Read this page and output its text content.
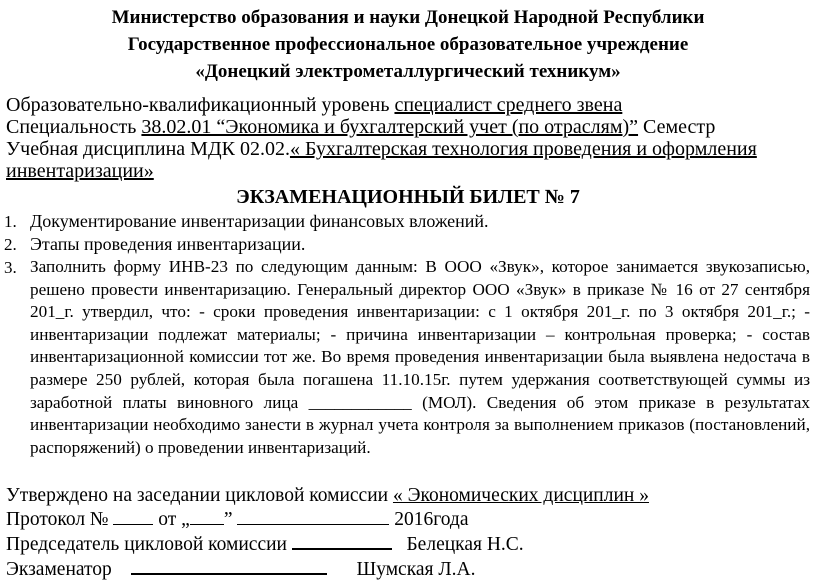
Министерство образования и науки Донецкой Народной Республики
Государственное профессиональное образовательное учреждение
«Донецкий электрометаллургический техникум»
Образовательно-квалификационный уровень специалист среднего звена
Специальность 38.02.01 “Экономика и бухгалтерский учет (по отраслям)” Семестр
Учебная дисциплина МДК 02.02.« Бухгалтерская технология проведения и оформления
инвентаризации»
ЭКЗАМЕНАЦИОННЫЙ БИЛЕТ № 7
1. Документирование инвентаризации финансовых вложений.
2. Этапы проведения инвентаризации.
3. Заполнить форму ИНВ-23 по следующим данным: В ООО «Звук», которое занимается звукозаписью, решено провести инвентаризацию. Генеральный директор ООО «Звук» в приказе № 16 от 27 сентября 201_г. утвердил, что: - сроки проведения инвентаризации: с 1 октября 201_г. по 3 октября 201_г.; - инвентаризации подлежат материалы; - причина инвентаризации – контрольная проверка; - состав инвентаризационной комиссии тот же. Во время проведения инвентаризации была выявлена недостача в размере 250 рублей, которая была погашена 11.10.15г. путем удержания соответствующей суммы из заработной платы виновного лица ____________ (МОЛ). Сведения об этом приказе в результатах инвентаризации необходимо занести в журнал учета контроля за выполнением приказов (постановлений, распоряжений) о проведении инвентаризаций.
Утверждено на заседании цикловой комиссии « Экономических дисциплин »
Протокол №  от „ ”	2016года
Председатель цикловой комиссии	Белецкая Н.С.
Экзаменатор	Шумская Л.А.
